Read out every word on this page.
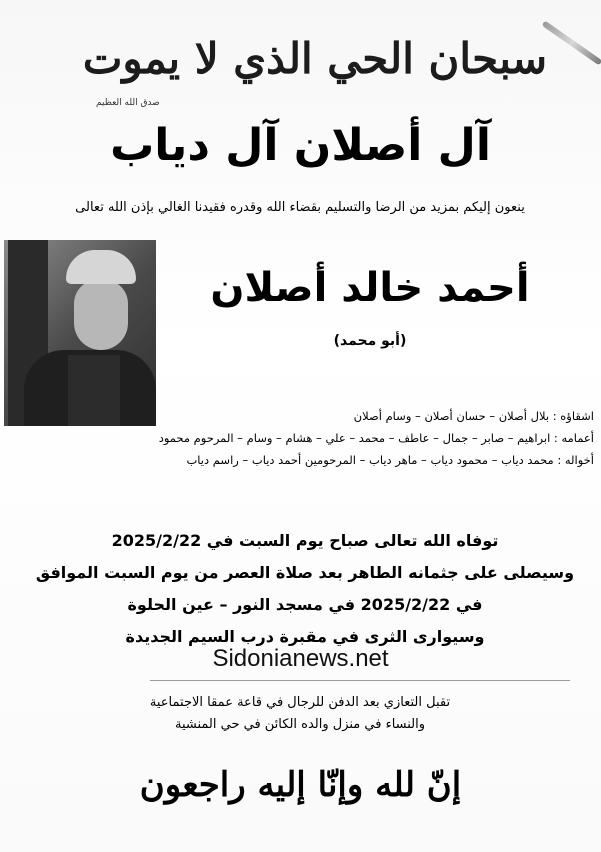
سبحان الحي الذي لا يموت
صدق الله العظيم
آل أصلان آل دياب
ينعون إليكم بمزيد من الرضا والتسليم بقضاء الله وقدره فقيدنا الغالي بإذن الله تعالى
أحمد خالد أصلان
(أبو محمد)
اشقاؤه : بلال أصلان – حسان أصلان – وسام أصلان
أعمامه : ابراهيم – صابر – جمال – عاطف – محمد – علي – هشام – وسام – المرحوم محمود
أخواله : محمد دياب – محمود دياب – ماهر دياب – المرحومين أحمد دياب – راسم دياب
توفاه الله تعالى صباح يوم السبت في 2025/2/22
وسيصلى على جثمانه الطاهر بعد صلاة العصر من يوم السبت الموافق
في 2025/2/22 في مسجد النور – عين الحلوة
وسيوارى الثرى في مقبرة درب السيم الجديدة
Sidonianews.net
تقبل التعازي بعد الدفن للرجال في قاعة عمقا الاجتماعية
والنساء في منزل والده الكائن في حي المنشية
إنّ لله وإنّا إليه راجعون
